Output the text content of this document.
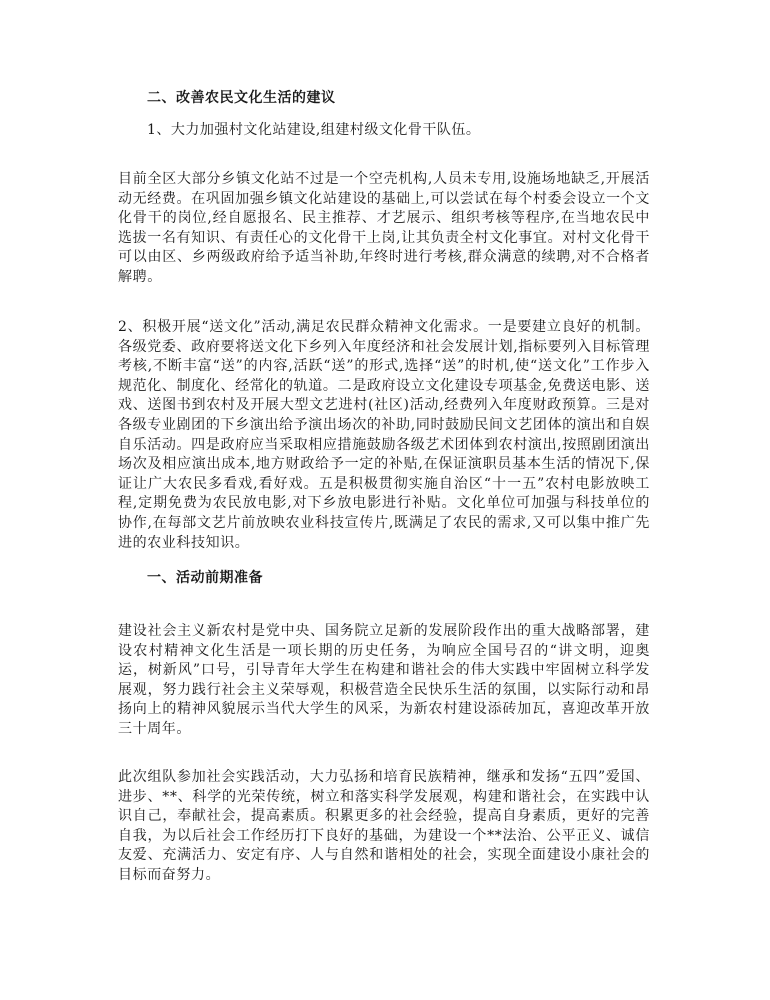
二、改善农民文化生活的建议
1、大力加强村文化站建设,组建村级文化骨干队伍。
目前全区大部分乡镇文化站不过是一个空壳机构,人员未专用,设施场地缺乏,开展活动无经费。在巩固加强乡镇文化站建设的基础上,可以尝试在每个村委会设立一个文化骨干的岗位,经自愿报名、民主推荐、才艺展示、组织考核等程序,在当地农民中选拔一名有知识、有责任心的文化骨干上岗,让其负责全村文化事宜。对村文化骨干可以由区、乡两级政府给予适当补助,年终时进行考核,群众满意的续聘,对不合格者解聘。
2、积极开展“送文化”活动,满足农民群众精神文化需求。一是要建立良好的机制。各级党委、政府要将送文化下乡列入年度经济和社会发展计划,指标要列入目标管理考核,不断丰富“送”的内容,活跃“送”的形式,选择“送”的时机,使“送文化”工作步入规范化、制度化、经常化的轨道。二是政府设立文化建设专项基金,免费送电影、送戏、送图书到农村及开展大型文艺进村(社区)活动,经费列入年度财政预算。三是对各级专业剧团的下乡演出给予演出场次的补助,同时鼓励民间文艺团体的演出和自娱自乐活动。四是政府应当采取相应措施鼓励各级艺术团体到农村演出,按照剧团演出场次及相应演出成本,地方财政给予一定的补贴,在保证演职员基本生活的情况下,保证让广大农民多看戏,看好戏。五是积极贯彻实施自治区“十一五”农村电影放映工程,定期免费为农民放电影,对下乡放电影进行补贴。文化单位可加强与科技单位的协作,在每部文艺片前放映农业科技宣传片,既满足了农民的需求,又可以集中推广先进的农业科技知识。
一、活动前期准备
建设社会主义新农村是党中央、国务院立足新的发展阶段作出的重大战略部署，建设农村精神文化生活是一项长期的历史任务，为响应全国号召的“讲文明，迎奥运，树新风”口号，引导青年大学生在构建和谐社会的伟大实践中牢固树立科学发展观，努力践行社会主义荣辱观，积极营造全民快乐生活的氛围，以实际行动和昂扬向上的精神风貌展示当代大学生的风采，为新农村建设添砖加瓦，喜迎改革开放三十周年。
此次组队参加社会实践活动，大力弘扬和培育民族精神，继承和发扬“五四”爱国、进步、**、科学的光荣传统，树立和落实科学发展观，构建和谐社会，在实践中认识自己，奉献社会，提高素质。积累更多的社会经验，提高自身素质，更好的完善自我，为以后社会工作经历打下良好的基础，为建设一个**法治、公平正义、诚信友爱、充满活力、安定有序、人与自然和谐相处的社会，实现全面建设小康社会的目标而奋努力。
